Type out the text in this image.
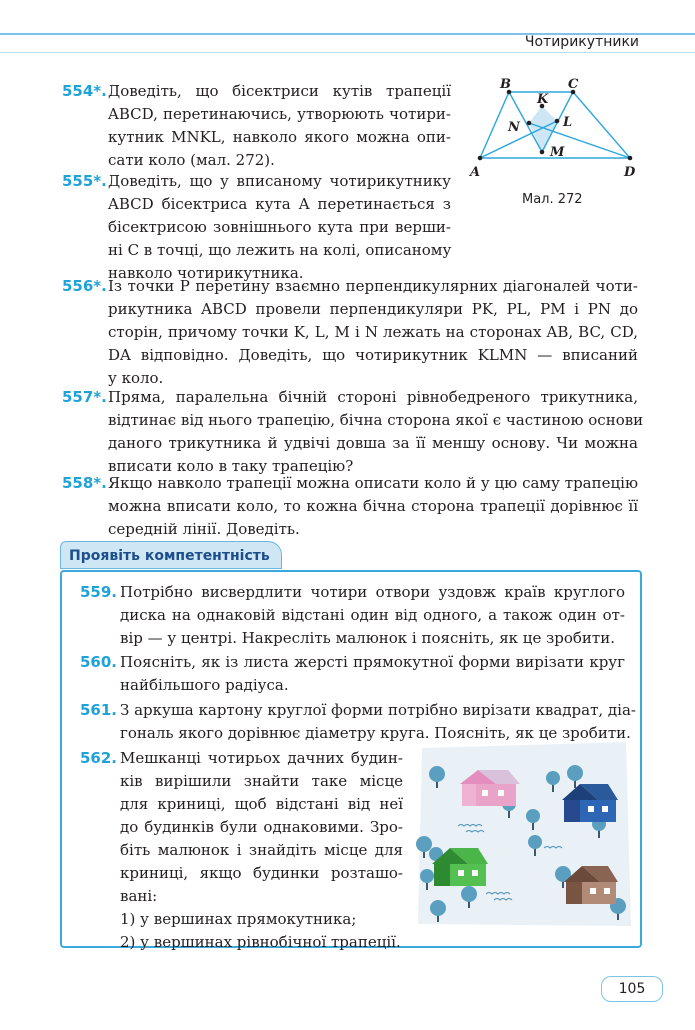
Чотирикутники
B	C
A	D
K
L
N
M
Мал. 272
554*. Доведіть, що бісектриси кутів трапеції
ABCD, перетинаючись, утворюють чотири-
кутник MNKL, навколо якого можна опи-
сати коло (мал. 272).
555*. Доведіть, що у вписаному чотирикутнику
ABCD бісектриса кута A перетинається з
бісектрисою зовнішнього кута при верши-
ні C в точці, що лежить на колі, описаному
навколо чотирикутника.
556*. Із точки P перетину взаємно перпендикулярних діагоналей чоти-
рикутника ABCD провели перпендикуляри PK, PL, PM і PN до
сторін, причому точки K, L, M і N лежать на сторонах AB, BC, CD,
DA відповідно. Доведіть, що чотирикутник KLMN — вписаний
у коло.
557*. Пряма, паралельна бічній стороні рівнобедреного трикутника,
відтинає від нього трапецію, бічна сторона якої є частиною основи
даного трикутника й удвічі довша за її меншу основу. Чи можна
вписати коло в таку трапецію?
558*. Якщо навколо трапеції можна описати коло й у цю саму трапецію
можна вписати коло, то кожна бічна сторона трапеції дорівнює її
середній лінії. Доведіть.
Проявіть компетентність
559. Потрібно висвердлити чотири отвори уздовж країв круглого
диска на однаковій відстані один від одного, а також один от-
вір — у центрі. Накресліть малюнок і поясніть, як це зробити.
560. Поясніть, як із листа жерсті прямокутної форми вирізати круг
найбільшого радіуса.
561. З аркуша картону круглої форми потрібно вирізати квадрат, діа-
гональ якого дорівнює діаметру круга. Поясніть, як це зробити.
562. Мешканці чотирьох дачних будин-
ків вирішили знайти таке місце
для криниці, щоб відстані від неї
до будинків були однаковими. Зро-
біть малюнок і знайдіть місце для
криниці, якщо будинки розташо-
вані:
1) у вершинах прямокутника;
2) у вершинах рівнобічної трапеції.
105
